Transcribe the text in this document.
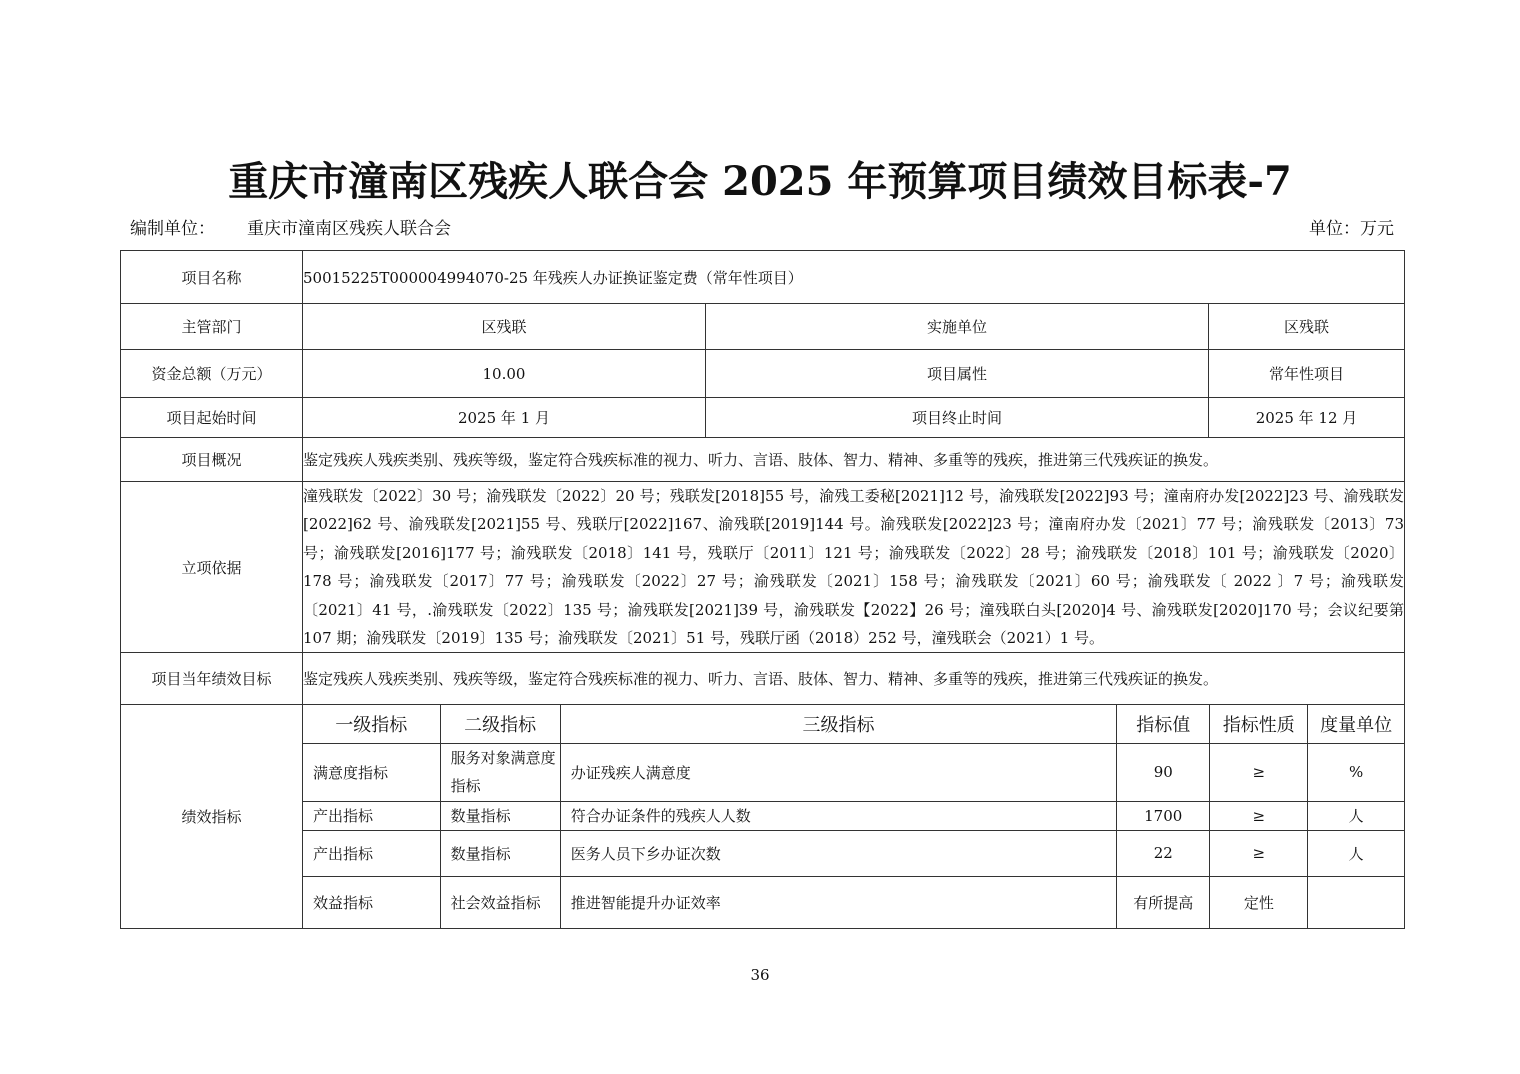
重庆市潼南区残疾人联合会 2025 年预算项目绩效目标表-7
编制单位： 重庆市潼南区残疾人联合会	单位：万元
项目名称	50015225T000004994070-25 年残疾人办证换证鉴定费（常年性项目）
主管部门	区残联	实施单位	区残联
资金总额（万元）	10.00	项目属性	常年性项目
项目起始时间	2025 年 1 月	项目终止时间	2025 年 12 月
项目概况	鉴定残疾人残疾类别、残疾等级，鉴定符合残疾标准的视力、听力、言语、肢体、智力、精神、多重等的残疾，推进第三代残疾证的换发。
立项依据	潼残联发〔2022〕30 号；渝残联发〔2022〕20 号；残联发[2018]55 号，渝残工委秘[2021]12 号，渝残联发[2022]93 号；潼南府办发[2022]23 号、渝残联发[2022]62 号、渝残联发[2021]55 号、残联厅[2022]167、渝残联[2019]144 号。渝残联发[2022]23 号；潼南府办发〔2021〕77 号；渝残联发〔2013〕73 号；渝残联发[2016]177 号；渝残联发〔2018〕141 号，残联厅〔2011〕121 号；渝残联发〔2022〕28 号；渝残联发〔2018〕101 号；渝残联发〔2020〕178 号；渝残联发〔2017〕77 号；渝残联发〔2022〕27 号；渝残联发〔2021〕158 号；渝残联发〔2021〕60 号；渝残联发〔 2022 〕7 号；渝残联发〔2021〕41 号，.渝残联发〔2022〕135 号；渝残联发[2021]39 号，渝残联发【2022】26 号；潼残联白头[2020]4 号、渝残联发[2020]170 号；会议纪要第 107 期；渝残联发〔2019〕135 号；渝残联发〔2021〕51 号，残联厅函（2018）252 号，潼残联会（2021）1 号。
项目当年绩效目标	鉴定残疾人残疾类别、残疾等级，鉴定符合残疾标准的视力、听力、言语、肢体、智力、精神、多重等的残疾，推进第三代残疾证的换发。
绩效指标	
一级指标	二级指标	三级指标	指标值	指标性质	度量单位
满意度指标	服务对象满意度指标	办证残疾人满意度	90	≥	%
产出指标	数量指标	符合办证条件的残疾人人数	1700	≥	人
产出指标	数量指标	医务人员下乡办证次数	22	≥	人
效益指标	社会效益指标	推进智能提升办证效率	有所提高	定性	
36
